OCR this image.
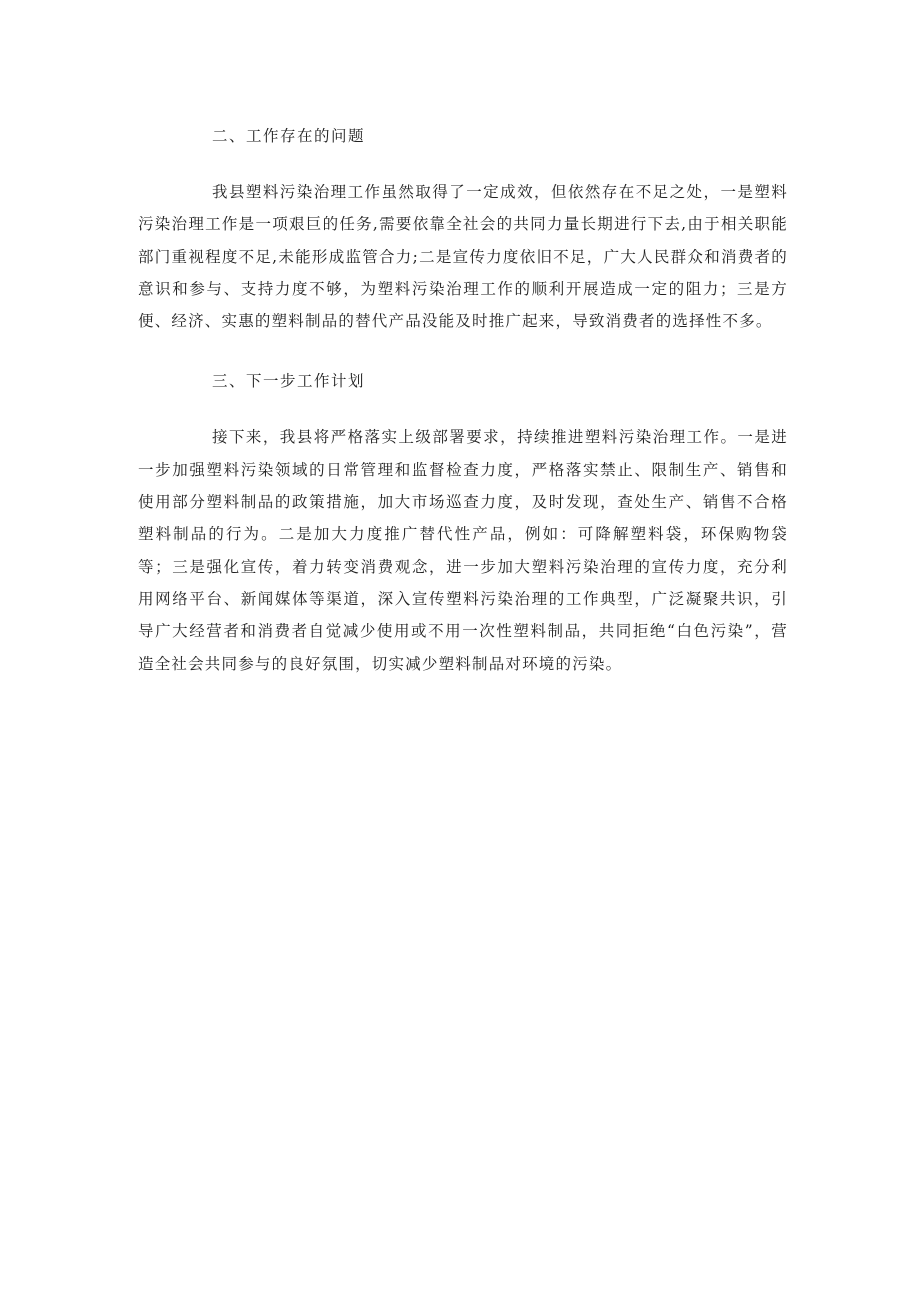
二、工作存在的问题

我县塑料污染治理工作虽然取得了一定成效，但依然存在不足之处，一是塑料污染治理工作是一项艰巨的任务,需要依靠全社会的共同力量长期进行下去,由于相关职能部门重视程度不足,未能形成监管合力;二是宣传力度依旧不足，广大人民群众和消费者的意识和参与、支持力度不够，为塑料污染治理工作的顺利开展造成一定的阻力；三是方便、经济、实惠的塑料制品的替代产品没能及时推广起来，导致消费者的选择性不多。

三、下一步工作计划

接下来，我县将严格落实上级部署要求，持续推进塑料污染治理工作。一是进一步加强塑料污染领域的日常管理和监督检查力度，严格落实禁止、限制生产、销售和使用部分塑料制品的政策措施，加大市场巡查力度，及时发现，查处生产、销售不合格塑料制品的行为。二是加大力度推广替代性产品，例如：可降解塑料袋，环保购物袋等；三是强化宣传，着力转变消费观念，进一步加大塑料污染治理的宣传力度，充分利用网络平台、新闻媒体等渠道，深入宣传塑料污染治理的工作典型，广泛凝聚共识，引导广大经营者和消费者自觉减少使用或不用一次性塑料制品，共同拒绝“白色污染”，营造全社会共同参与的良好氛围，切实减少塑料制品对环境的污染。
